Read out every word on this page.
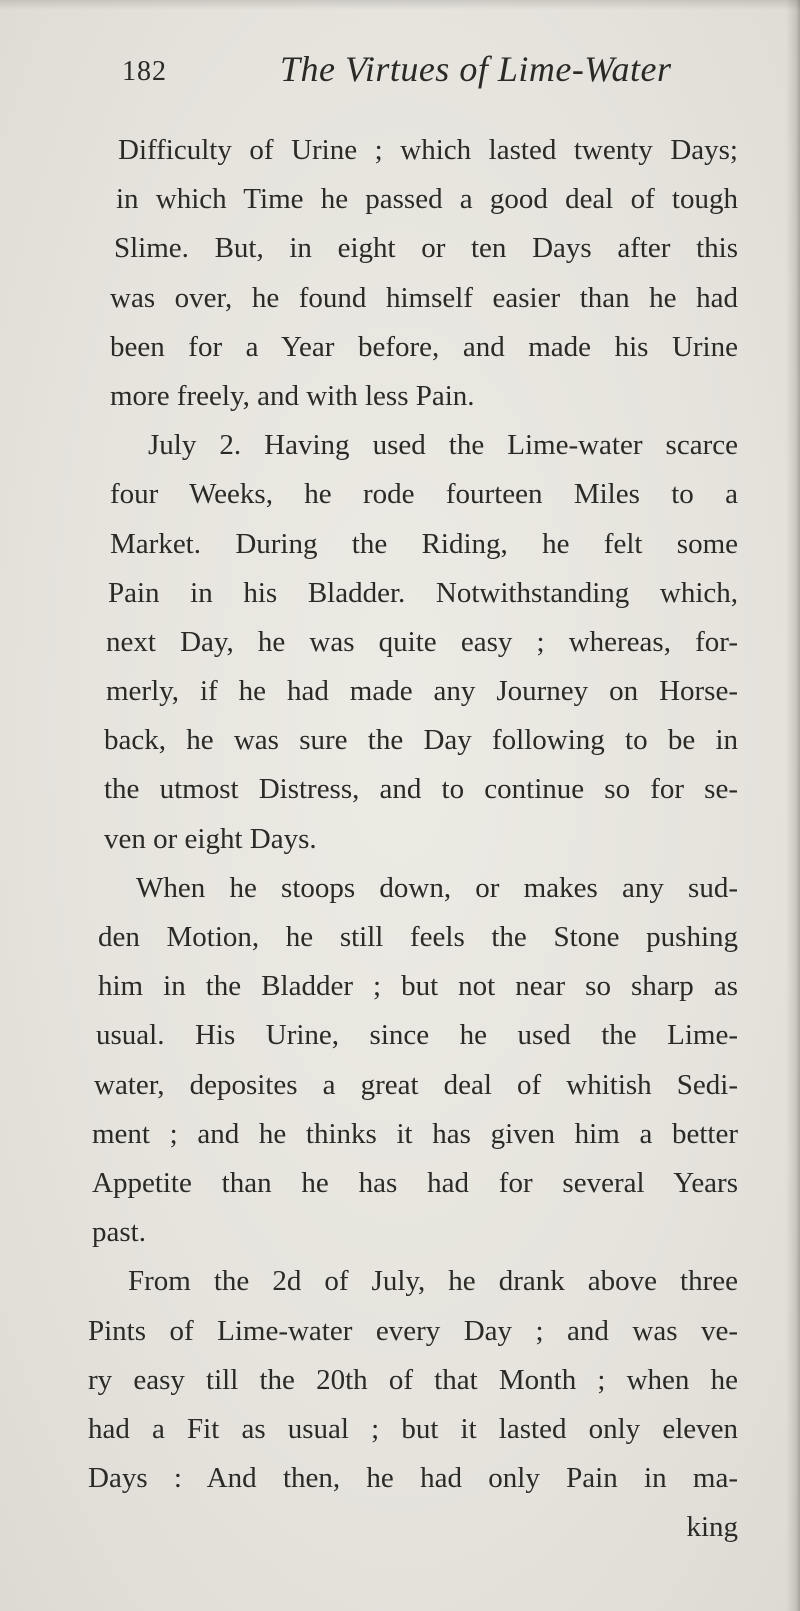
182	The Virtues of Lime-Water
Difficulty of Urine ; which lasted twenty Days;
in which Time he passed a good deal of tough
Slime. But, in eight or ten Days after this
was over, he found himself easier than he had
been for a Year before, and made his Urine
more freely, and with less Pain.
July 2. Having used the Lime-water scarce
four Weeks, he rode fourteen Miles to a
Market. During the Riding, he felt some
Pain in his Bladder. Notwithstanding which,
next Day, he was quite easy ; whereas, for-
merly, if he had made any Journey on Horse-
back, he was sure the Day following to be in
the utmost Distress, and to continue so for se-
ven or eight Days.
When he stoops down, or makes any sud-
den Motion, he still feels the Stone pushing
him in the Bladder ; but not near so sharp as
usual. His Urine, since he used the Lime-
water, deposites a great deal of whitish Sedi-
ment ; and he thinks it has given him a better
Appetite than he has had for several Years
past.
From the 2d of July, he drank above three
Pints of Lime-water every Day ; and was ve-
ry easy till the 20th of that Month ; when he
had a Fit as usual ; but it lasted only eleven
Days : And then, he had only Pain in ma-
king
